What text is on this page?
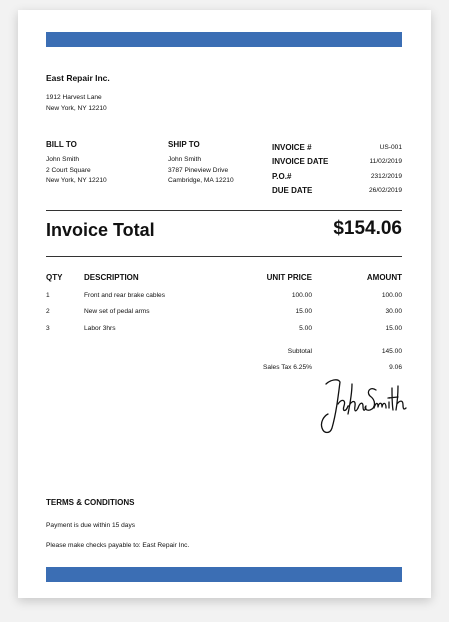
East Repair Inc.
1912 Harvest Lane
New York, NY 12210
BILL TO
John Smith
2 Court Square
New York, NY 12210
SHIP TO
John Smith
3787 Pineview Drive
Cambridge, MA 12210
INVOICE #	US-001
INVOICE DATE	11/02/2019
P.O.#	2312/2019
DUE DATE	26/02/2019
Invoice Total	$154.06
QTY	DESCRIPTION	UNIT PRICE	AMOUNT
1	Front and rear brake cables	100.00	100.00
2	New set of pedal arms	15.00	30.00
3	Labor 3hrs	5.00	15.00
Subtotal	145.00
Sales Tax 6.25%	9.06
TERMS & CONDITIONS
Payment is due within 15 days
Please make checks payable to: East Repair Inc.
